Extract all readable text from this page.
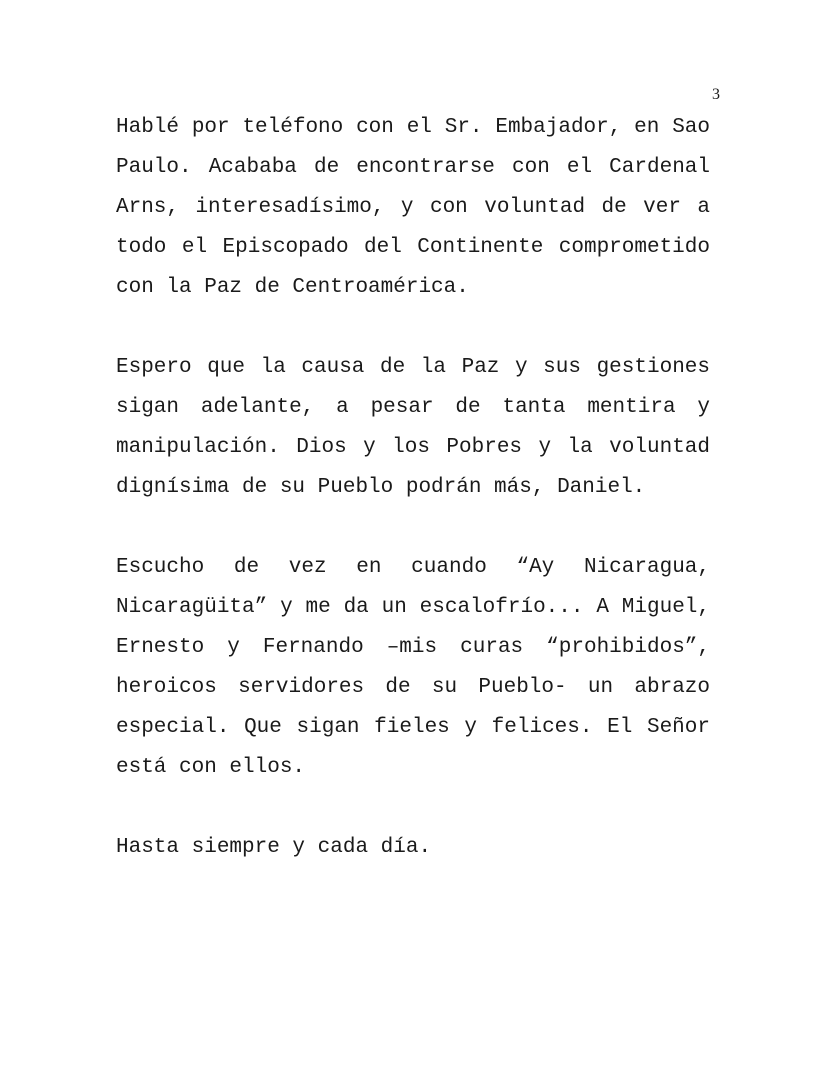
3

Hablé por teléfono con el Sr. Embajador, en Sao Paulo. Acababa de encontrarse con el Cardenal Arns, interesadísimo, y con voluntad de ver a todo el Episcopado del Continente comprometido con la Paz de Centroamérica.

Espero que la causa de la Paz y sus gestiones sigan adelante, a pesar de tanta mentira y manipulación. Dios y los Pobres y la voluntad dignísima de su Pueblo podrán más, Daniel.

Escucho de vez en cuando “Ay Nicaragua, Nicaragüita” y me da un escalofrío... A Miguel, Ernesto y Fernando –mis curas “prohibidos”, heroicos servidores de su Pueblo- un abrazo especial. Que sigan fieles y felices. El Señor está con ellos.

Hasta siempre y cada día.
